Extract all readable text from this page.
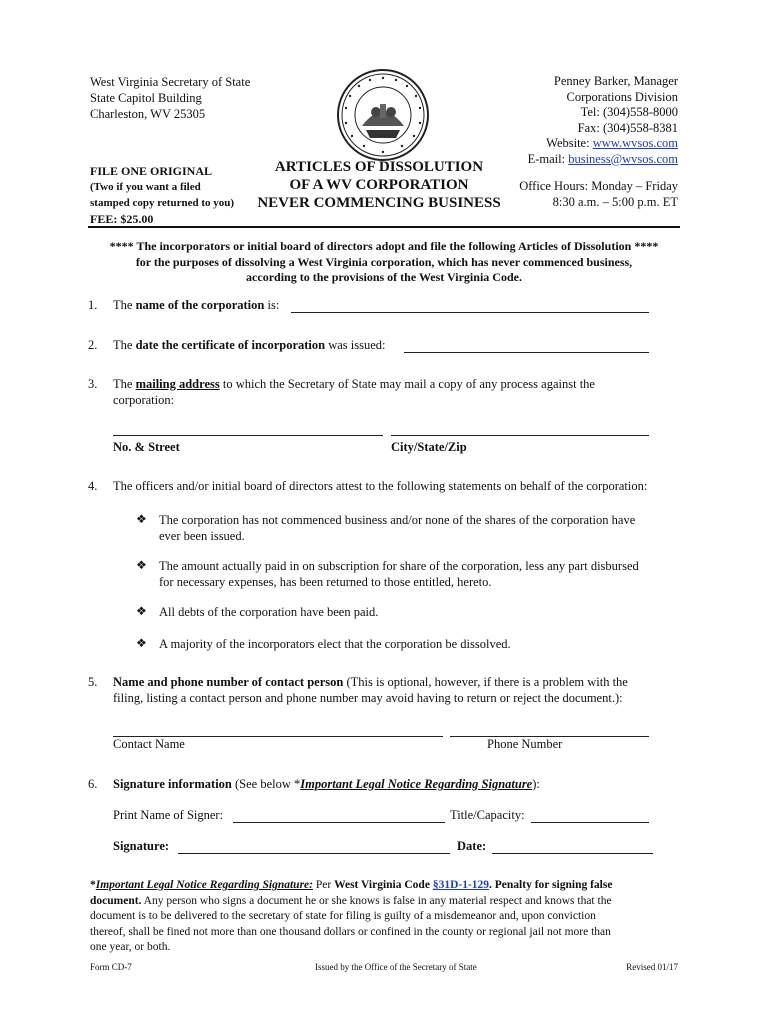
West Virginia Secretary of State
State Capitol Building
Charleston, WV 25305
Penney Barker, Manager
Corporations Division
Tel: (304)558-8000
Fax: (304)558-8381
Website: www.wvsos.com
E-mail: business@wvsos.com
FILE ONE ORIGINAL
(Two if you want a filed
stamped copy returned to you)
FEE: $25.00
ARTICLES OF DISSOLUTION
OF A WV CORPORATION
NEVER COMMENCING BUSINESS
Office Hours: Monday – Friday
8:30 a.m. – 5:00 p.m. ET
**** The incorporators or initial board of directors adopt and file the following Articles of Dissolution ****
for the purposes of dissolving a West Virginia corporation, which has never commenced business,
according to the provisions of the West Virginia Code.
1. The name of the corporation is:
2. The date the certificate of incorporation was issued:
3. The mailing address to which the Secretary of State may mail a copy of any process against the
corporation:
No. & Street	City/State/Zip
4. The officers and/or initial board of directors attest to the following statements on behalf of the corporation:
❖ The corporation has not commenced business and/or none of the shares of the corporation have
ever been issued.
❖ The amount actually paid in on subscription for share of the corporation, less any part disbursed
for necessary expenses, has been returned to those entitled, hereto.
❖ All debts of the corporation have been paid.
❖ A majority of the incorporators elect that the corporation be dissolved.
5. Name and phone number of contact person (This is optional, however, if there is a problem with the
filing, listing a contact person and phone number may avoid having to return or reject the document.):
Contact Name	Phone Number
6. Signature information (See below *Important Legal Notice Regarding Signature):
Print Name of Signer:	Title/Capacity:
Signature:	Date:
*Important Legal Notice Regarding Signature: Per West Virginia Code §31D-1-129. Penalty for signing false
document. Any person who signs a document he or she knows is false in any material respect and knows that the
document is to be delivered to the secretary of state for filing is guilty of a misdemeanor and, upon conviction
thereof, shall be fined not more than one thousand dollars or confined in the county or regional jail not more than
one year, or both.
Form CD-7	Issued by the Office of the Secretary of State	Revised 01/17
